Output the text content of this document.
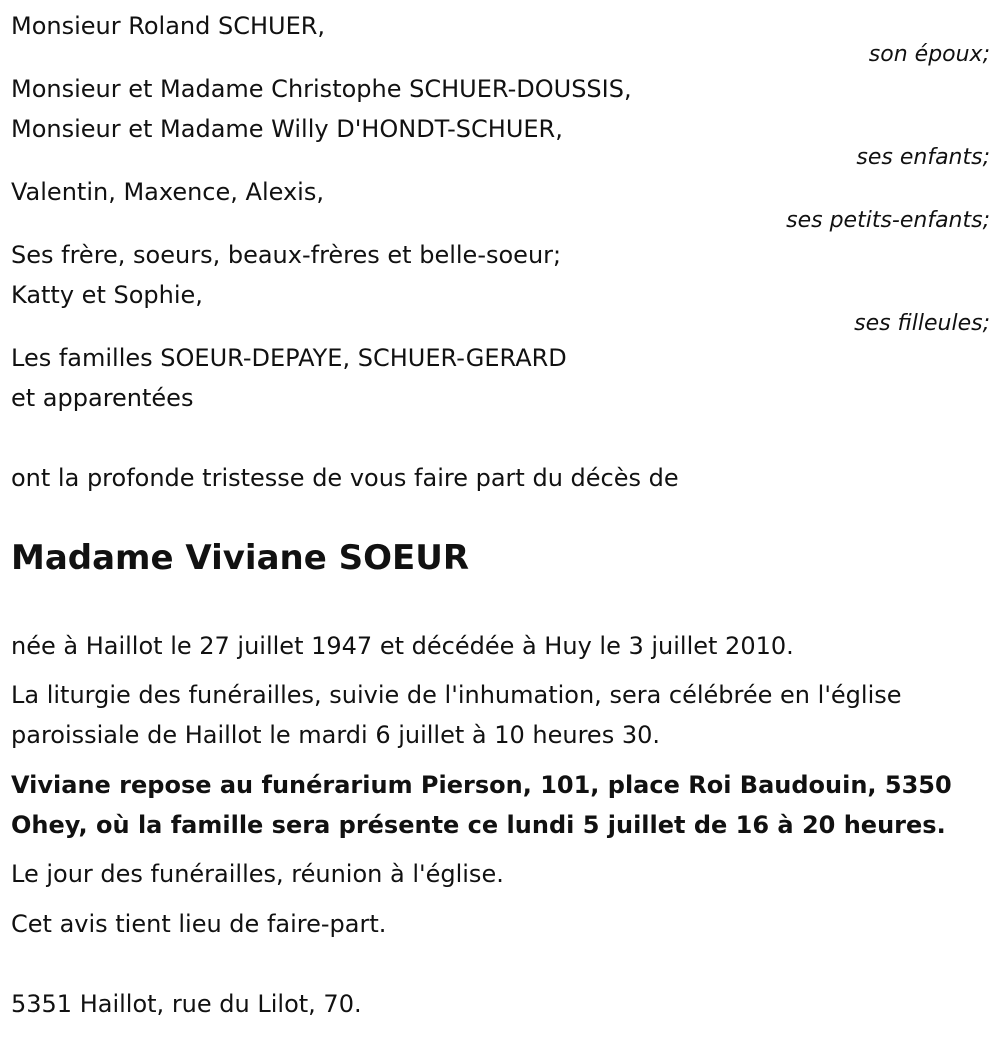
Monsieur Roland SCHUER,
son époux;
Monsieur et Madame Christophe SCHUER-DOUSSIS,
Monsieur et Madame Willy D'HONDT-SCHUER,
ses enfants;
Valentin, Maxence, Alexis,
ses petits-enfants;
Ses frère, soeurs, beaux-frères et belle-soeur;
Katty et Sophie,
ses filleules;
Les familles SOEUR-DEPAYE, SCHUER-GERARD
et apparentées
ont la profonde tristesse de vous faire part du décès de
Madame Viviane SOEUR
née à Haillot le 27 juillet 1947 et décédée à Huy le 3 juillet 2010.
La liturgie des funérailles, suivie de l'inhumation, sera célébrée en l'église paroissiale de Haillot le mardi 6 juillet à 10 heures 30.
Viviane repose au funérarium Pierson, 101, place Roi Baudouin, 5350 Ohey, où la famille sera présente ce lundi 5 juillet de 16 à 20 heures.
Le jour des funérailles, réunion à l'église.
Cet avis tient lieu de faire-part.
5351 Haillot, rue du Lilot, 70.
